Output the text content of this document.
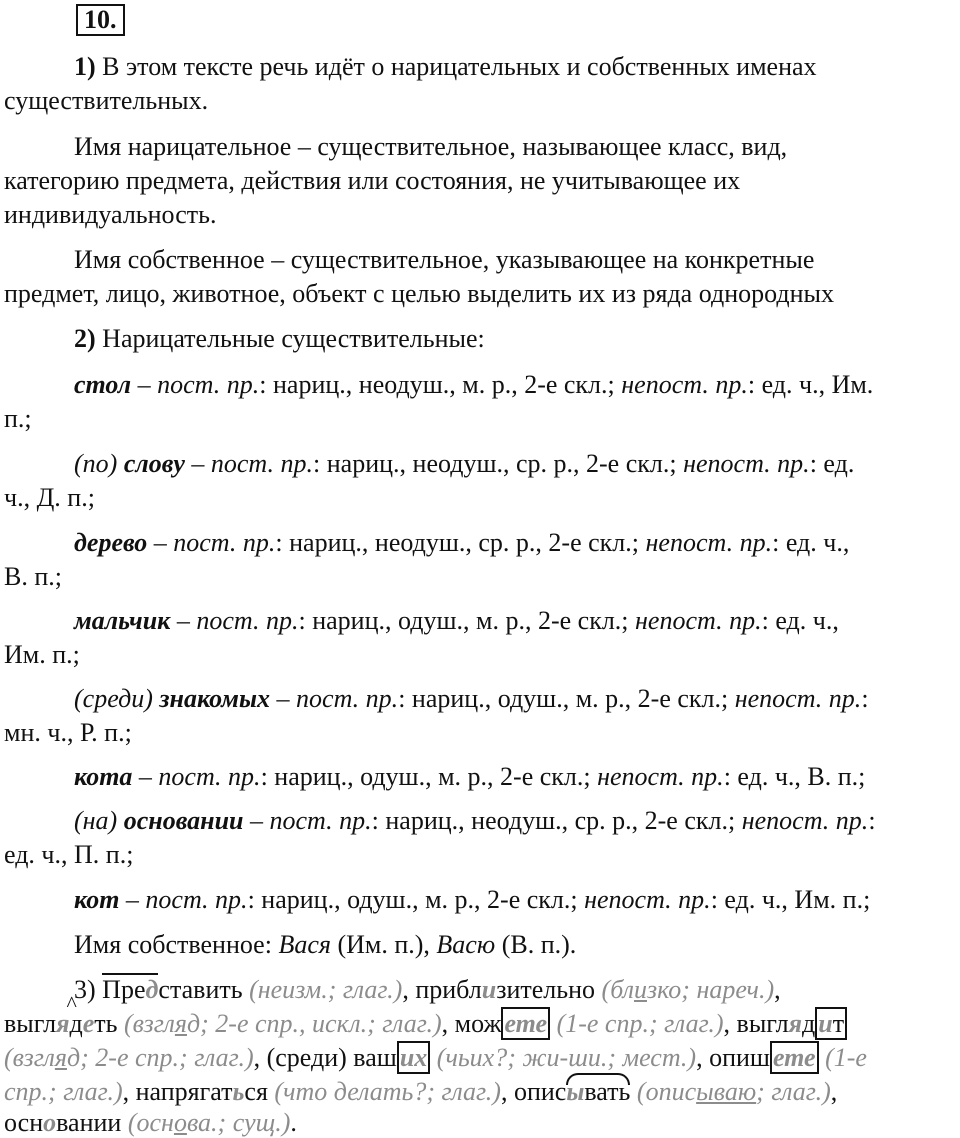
10.
1) В этом тексте речь идёт о нарицательных и собственных именах
существительных.
Имя нарицательное – существительное, называющее класс, вид,
категорию предмета, действия или состояния, не учитывающее их
индивидуальность.
Имя собственное – существительное, указывающее на конкретные
предмет, лицо, животное, объект с целью выделить их из ряда однородных
2) Нарицательные существительные:
стол – пост. пр.: нариц., неодуш., м. р., 2-е скл.; непост. пр.: ед. ч., Им.
п.;
(по) слову – пост. пр.: нариц., неодуш., ср. р., 2-е скл.; непост. пр.: ед.
ч., Д. п.;
дерево – пост. пр.: нариц., неодуш., ср. р., 2-е скл.; непост. пр.: ед. ч.,
В. п.;
мальчик – пост. пр.: нариц., одуш., м. р., 2-е скл.; непост. пр.: ед. ч.,
Им. п.;
(среди) знакомых – пост. пр.: нариц., одуш., м. р., 2-е скл.; непост. пр.:
мн. ч., Р. п.;
кота – пост. пр.: нариц., одуш., м. р., 2-е скл.; непост. пр.: ед. ч., В. п.;
(на) основании – пост. пр.: нариц., неодуш., ср. р., 2-е скл.; непост. пр.:
ед. ч., П. п.;
кот – пост. пр.: нариц., одуш., м. р., 2-е скл.; непост. пр.: ед. ч., Им. п.;
Имя собственное: Вася (Им. п.), Васю (В. п.).
3) Представить (неизм.; глаг.), приблизительно (близко; нареч.),
выгля^ деть (взгляд; 2-е спр., искл.; глаг.), мож ете (1-е спр.; глаг.), выгляд ит
(взгляд; 2-е спр.; глаг.), (среди) ваш их (чьих?; жи-ши.; мест.), опиш ете (1-е
спр.; глаг.), напрягаться (что делать?; глаг.), описывать (описываю; глаг.),
основании (основа.; сущ.).
